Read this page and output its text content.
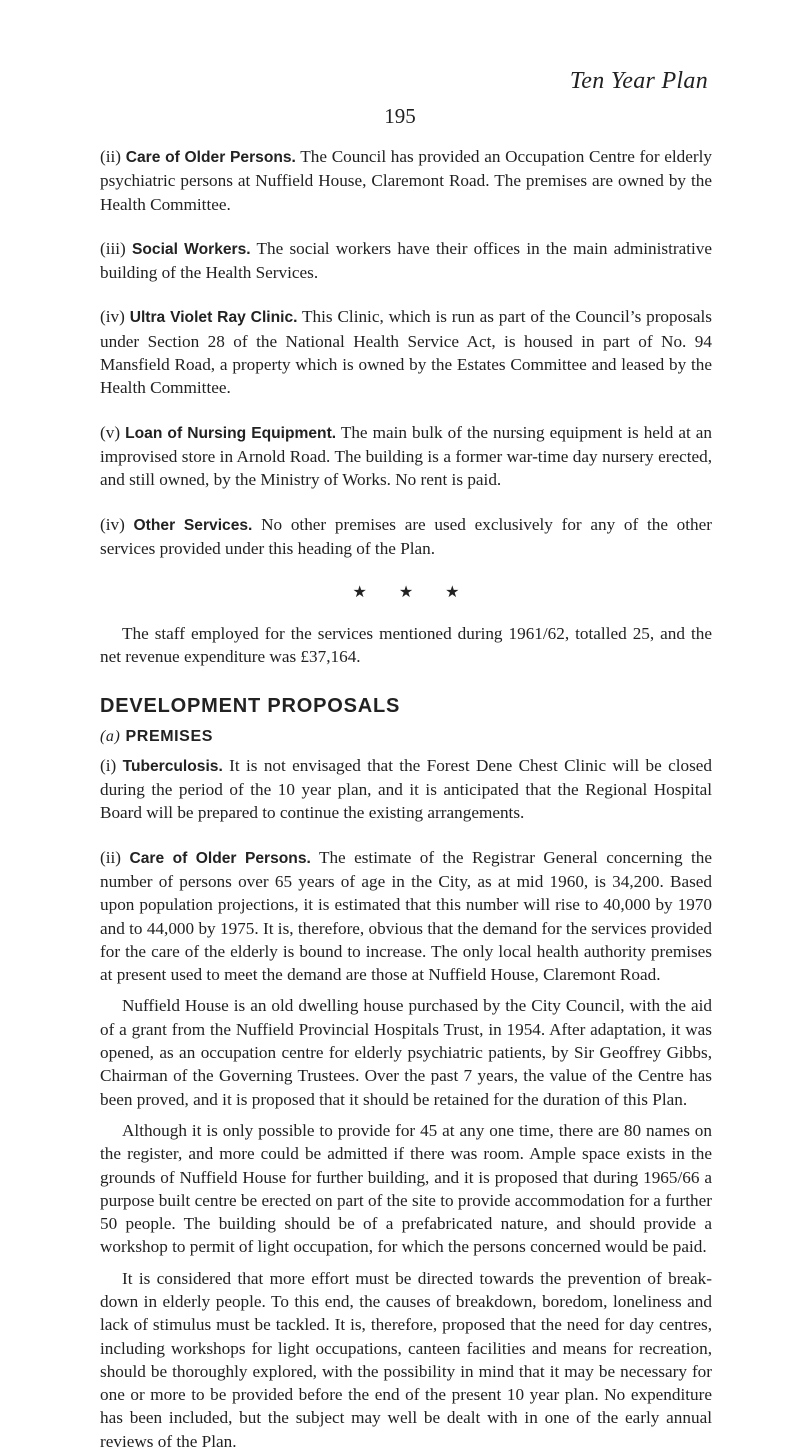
Ten Year Plan
195

(ii) Care of Older Persons. The Council has provided an Occupation Centre for elderly psychiatric persons at Nuffield House, Claremont Road. The premises are owned by the Health Committee.

(iii) Social Workers. The social workers have their offices in the main administrative building of the Health Services.

(iv) Ultra Violet Ray Clinic. This Clinic, which is run as part of the Council’s proposals under Section 28 of the National Health Service Act, is housed in part of No. 94 Mansfield Road, a property which is owned by the Estates Committee and leased by the Health Committee.

(v) Loan of Nursing Equipment. The main bulk of the nursing equipment is held at an improvised store in Arnold Road. The building is a former war-time day nursery erected, and still owned, by the Ministry of Works. No rent is paid.

(iv) Other Services. No other premises are used exclusively for any of the other services provided under this heading of the Plan.

★ ★ ★

The staff employed for the services mentioned during 1961/62, totalled 25, and the net revenue expenditure was £37,164.

DEVELOPMENT PROPOSALS
(a) PREMISES

(i) Tuberculosis. It is not envisaged that the Forest Dene Chest Clinic will be closed during the period of the 10 year plan, and it is anticipated that the Regional Hospital Board will be prepared to continue the existing arrangements.

(ii) Care of Older Persons. The estimate of the Registrar General concerning the number of persons over 65 years of age in the City, as at mid 1960, is 34,200. Based upon population projections, it is estimated that this number will rise to 40,000 by 1970 and to 44,000 by 1975. It is, therefore, obvious that the demand for the services provided for the care of the elderly is bound to increase. The only local health authority premises at present used to meet the demand are those at Nuffield House, Claremont Road.

Nuffield House is an old dwelling house purchased by the City Council, with the aid of a grant from the Nuffield Provincial Hospitals Trust, in 1954. After adaptation, it was opened, as an occupation centre for elderly psychiatric patients, by Sir Geoffrey Gibbs, Chairman of the Governing Trustees. Over the past 7 years, the value of the Centre has been proved, and it is proposed that it should be retained for the duration of this Plan.

Although it is only possible to provide for 45 at any one time, there are 80 names on the register, and more could be admitted if there was room. Ample space exists in the grounds of Nuffield House for further building, and it is proposed that during 1965/66 a purpose built centre be erected on part of the site to provide accommodation for a further 50 people. The building should be of a prefabricated nature, and should provide a workshop to permit of light occupation, for which the persons concerned would be paid.

It is considered that more effort must be directed towards the prevention of break-down in elderly people. To this end, the causes of breakdown, boredom, loneliness and lack of stimulus must be tackled. It is, therefore, proposed that the need for day centres, including workshops for light occupations, canteen facilities and means for recreation, should be thoroughly explored, with the possibility in mind that it may be necessary for one or more to be provided before the end of the present 10 year plan. No expenditure has been included, but the subject may well be dealt with in one of the early annual reviews of the Plan.
